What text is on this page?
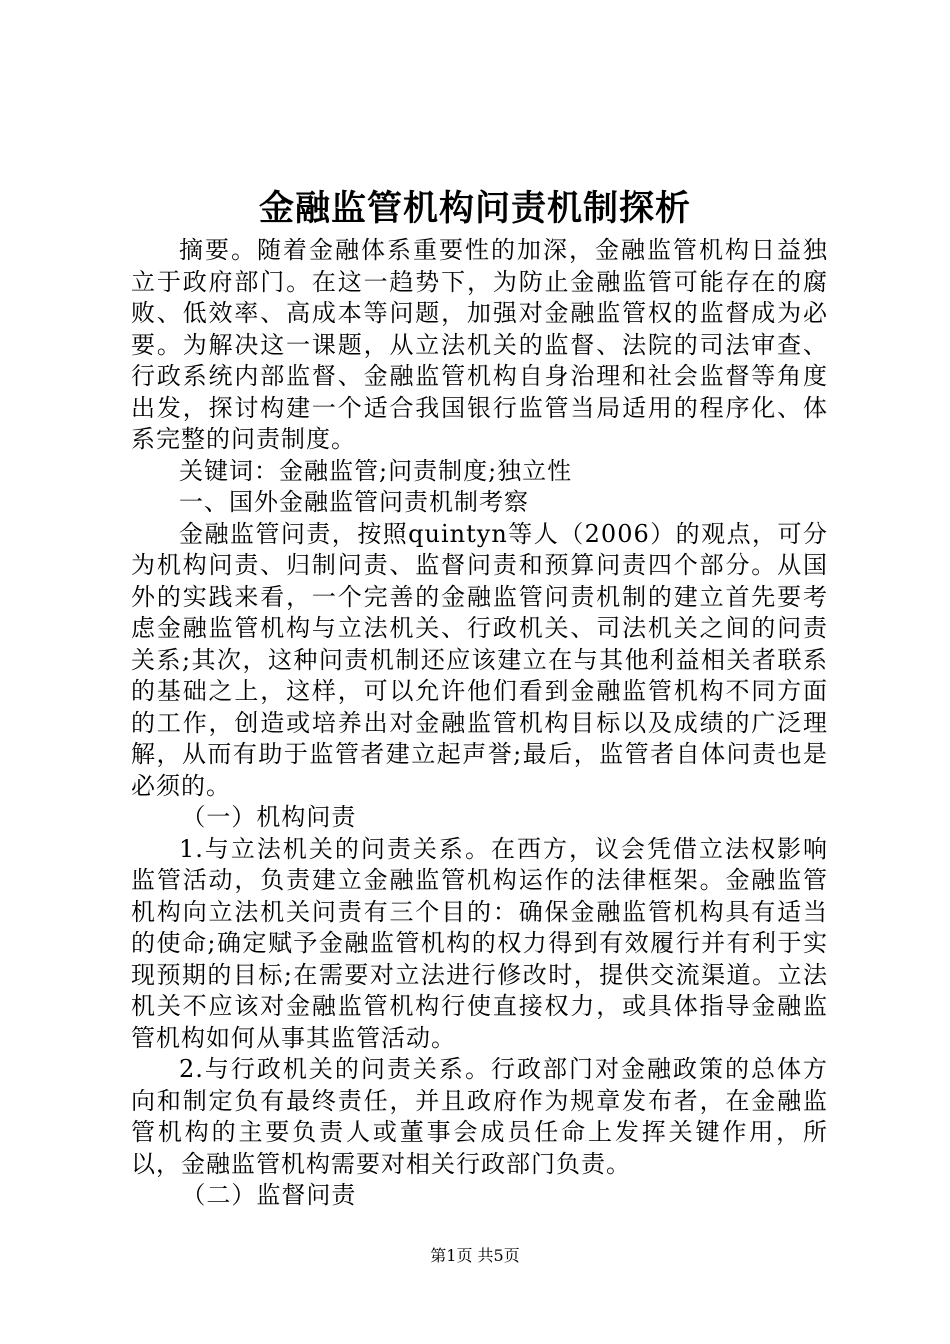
金融监管机构问责机制探析

摘要。随着金融体系重要性的加深，金融监管机构日益独立于政府部门。在这一趋势下，为防止金融监管可能存在的腐败、低效率、高成本等问题，加强对金融监管权的监督成为必要。为解决这一课题，从立法机关的监督、法院的司法审查、行政系统内部监督、金融监管机构自身治理和社会监督等角度出发，探讨构建一个适合我国银行监管当局适用的程序化、体系完整的问责制度。

关键词：金融监管;问责制度;独立性

一、国外金融监管问责机制考察

金融监管问责，按照quintyn等人（2006）的观点，可分为机构问责、归制问责、监督问责和预算问责四个部分。从国外的实践来看，一个完善的金融监管问责机制的建立首先要考虑金融监管机构与立法机关、行政机关、司法机关之间的问责关系;其次，这种问责机制还应该建立在与其他利益相关者联系的基础之上，这样，可以允许他们看到金融监管机构不同方面的工作，创造或培养出对金融监管机构目标以及成绩的广泛理解，从而有助于监管者建立起声誉;最后，监管者自体问责也是必须的。

（一）机构问责

1.与立法机关的问责关系。在西方，议会凭借立法权影响监管活动，负责建立金融监管机构运作的法律框架。金融监管机构向立法机关问责有三个目的：确保金融监管机构具有适当的使命;确定赋予金融监管机构的权力得到有效履行并有利于实现预期的目标;在需要对立法进行修改时，提供交流渠道。立法机关不应该对金融监管机构行使直接权力，或具体指导金融监管机构如何从事其监管活动。

2.与行政机关的问责关系。行政部门对金融政策的总体方向和制定负有最终责任，并且政府作为规章发布者，在金融监管机构的主要负责人或董事会成员任命上发挥关键作用，所以，金融监管机构需要对相关行政部门负责。

（二）监督问责

第1页 共5页
